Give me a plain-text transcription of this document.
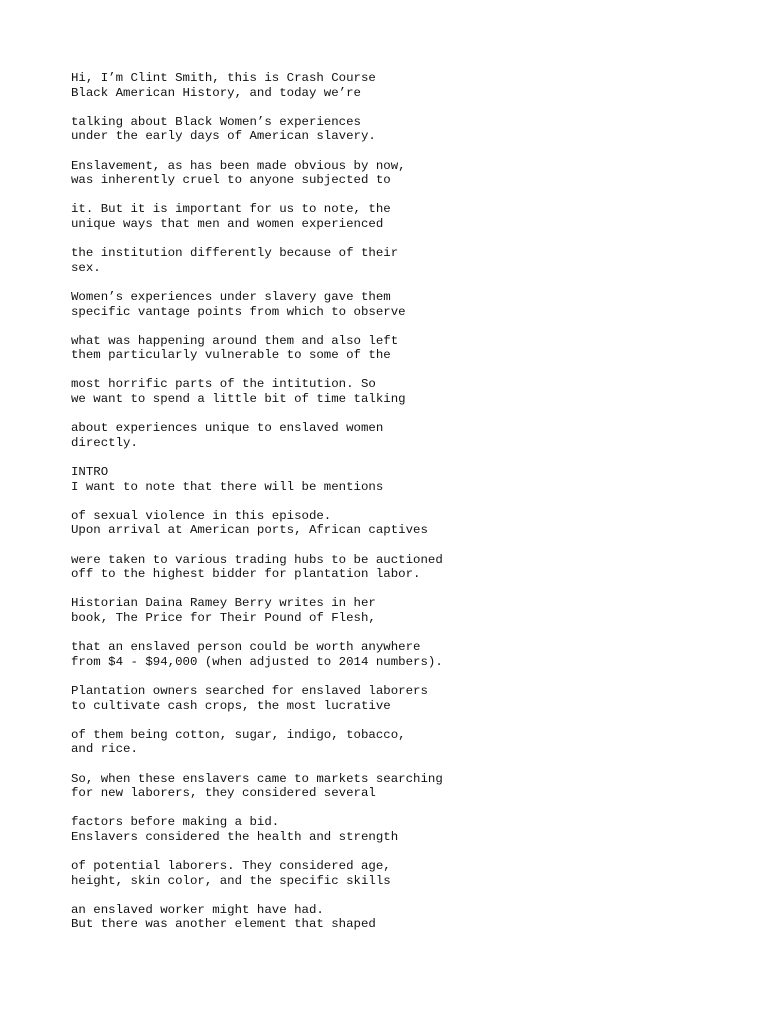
Hi, I’m Clint Smith, this is Crash Course
Black American History, and today we’re

talking about Black Women’s experiences
under the early days of American slavery.

Enslavement, as has been made obvious by now,
was inherently cruel to anyone subjected to

it. But it is important for us to note, the
unique ways that men and women experienced

the institution differently because of their
sex.

Women’s experiences under slavery gave them
specific vantage points from which to observe

what was happening around them and also left
them particularly vulnerable to some of the

most horrific parts of the intitution. So
we want to spend a little bit of time talking

about experiences unique to enslaved women
directly.

INTRO
I want to note that there will be mentions

of sexual violence in this episode.
Upon arrival at American ports, African captives

were taken to various trading hubs to be auctioned
off to the highest bidder for plantation labor.

Historian Daina Ramey Berry writes in her
book, The Price for Their Pound of Flesh,

that an enslaved person could be worth anywhere
from $4 - $94,000 (when adjusted to 2014 numbers).

Plantation owners searched for enslaved laborers
to cultivate cash crops, the most lucrative

of them being cotton, sugar, indigo, tobacco,
and rice.

So, when these enslavers came to markets searching
for new laborers, they considered several

factors before making a bid.
Enslavers considered the health and strength

of potential laborers. They considered age,
height, skin color, and the specific skills

an enslaved worker might have had.
But there was another element that shaped
